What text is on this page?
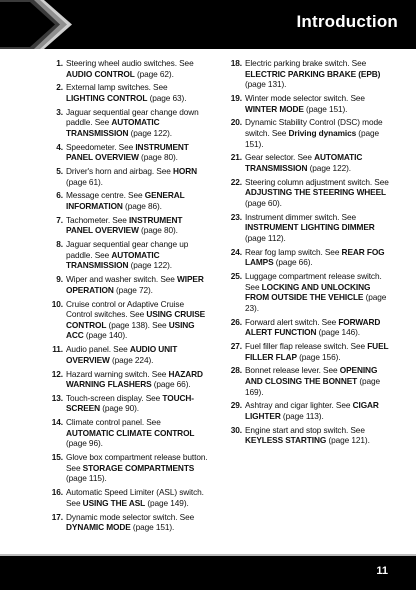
Introduction
1. Steering wheel audio switches. See AUDIO CONTROL (page 62).
2. External lamp switches. See LIGHTING CONTROL (page 63).
3. Jaguar sequential gear change down paddle. See AUTOMATIC TRANSMISSION (page 122).
4. Speedometer. See INSTRUMENT PANEL OVERVIEW (page 80).
5. Driver's horn and airbag. See HORN (page 61).
6. Message centre. See GENERAL INFORMATION (page 86).
7. Tachometer. See INSTRUMENT PANEL OVERVIEW (page 80).
8. Jaguar sequential gear change up paddle. See AUTOMATIC TRANSMISSION (page 122).
9. Wiper and washer switch. See WIPER OPERATION (page 72).
10. Cruise control or Adaptive Cruise Control switches. See USING CRUISE CONTROL (page 138). See USING ACC (page 140).
11. Audio panel. See AUDIO UNIT OVERVIEW (page 224).
12. Hazard warning switch. See HAZARD WARNING FLASHERS (page 66).
13. Touch-screen display. See TOUCH-SCREEN (page 90).
14. Climate control panel. See AUTOMATIC CLIMATE CONTROL (page 96).
15. Glove box compartment release button. See STORAGE COMPARTMENTS (page 115).
16. Automatic Speed Limiter (ASL) switch. See USING THE ASL (page 149).
17. Dynamic mode selector switch. See DYNAMIC MODE (page 151).
18. Electric parking brake switch. See ELECTRIC PARKING BRAKE (EPB) (page 131).
19. Winter mode selector switch. See WINTER MODE (page 151).
20. Dynamic Stability Control (DSC) mode switch. See Driving dynamics (page 151).
21. Gear selector. See AUTOMATIC TRANSMISSION (page 122).
22. Steering column adjustment switch. See ADJUSTING THE STEERING WHEEL (page 60).
23. Instrument dimmer switch. See INSTRUMENT LIGHTING DIMMER (page 112).
24. Rear fog lamp switch. See REAR FOG LAMPS (page 66).
25. Luggage compartment release switch. See LOCKING AND UNLOCKING FROM OUTSIDE THE VEHICLE (page 23).
26. Forward alert switch. See FORWARD ALERT FUNCTION (page 146).
27. Fuel filler flap release switch. See FUEL FILLER FLAP (page 156).
28. Bonnet release lever. See OPENING AND CLOSING THE BONNET (page 169).
29. Ashtray and cigar lighter. See CIGAR LIGHTER (page 113).
30. Engine start and stop switch. See KEYLESS STARTING (page 121).
11
